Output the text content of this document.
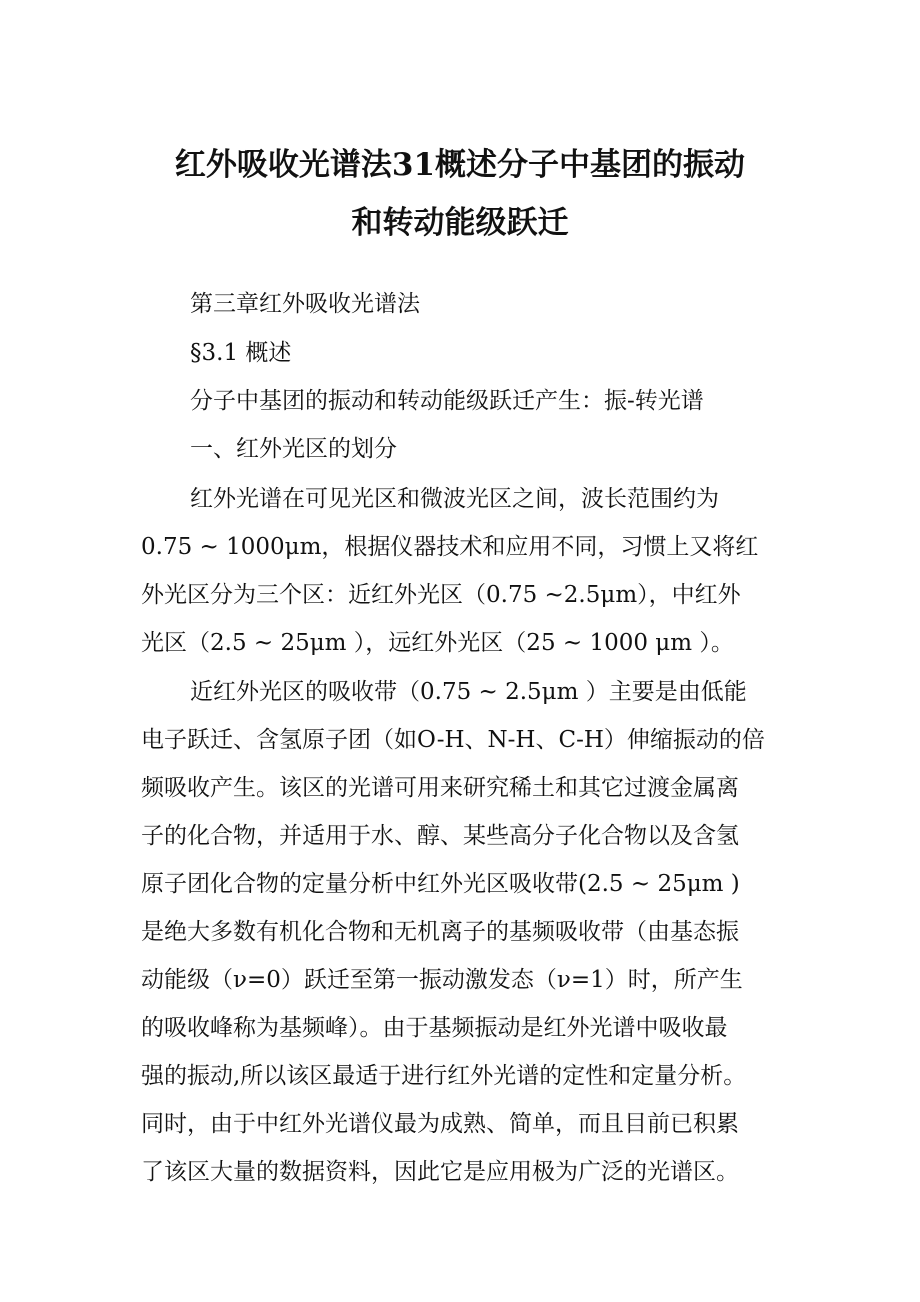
红外吸收光谱法31概述分子中基团的振动
和转动能级跃迁

第三章红外吸收光谱法

§3.1 概述

分子中基团的振动和转动能级跃迁产生：振-转光谱

一、红外光区的划分

红外光谱在可见光区和微波光区之间，波长范围约为

0.75 ~ 1000μm，根据仪器技术和应用不同，习惯上又将红

外光区分为三个区：近红外光区（0.75 ~2.5μm），中红外

光区（2.5 ~ 25μm ），远红外光区（25 ~ 1000 μm ）。

近红外光区的吸收带（0.75 ~ 2.5μm ）主要是由低能

电子跃迁、含氢原子团（如O-H、N-H、C-H）伸缩振动的倍

频吸收产生。该区的光谱可用来研究稀土和其它过渡金属离

子的化合物，并适用于水、醇、某些高分子化合物以及含氢

原子团化合物的定量分析中红外光区吸收带(2.5 ~ 25μm )

是绝大多数有机化合物和无机离子的基频吸收带（由基态振

动能级（ν=0）跃迁至第一振动激发态（ν=1）时，所产生

的吸收峰称为基频峰）。由于基频振动是红外光谱中吸收最

强的振动,所以该区最适于进行红外光谱的定性和定量分析。

同时，由于中红外光谱仪最为成熟、简单，而且目前已积累

了该区大量的数据资料，因此它是应用极为广泛的光谱区。
